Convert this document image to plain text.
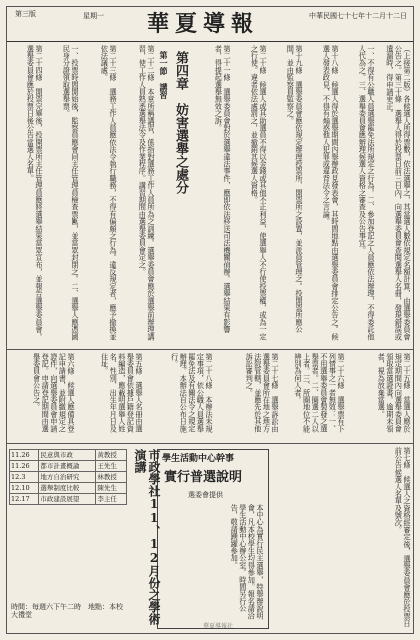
第三版	星期一 華夏導報	中華民國七十七年十二月十二日
（上接第二版）各候選人所得票數，依法選舉之，其當選人數依規定名額計算，由選舉委員會公告之。第三十條　選舉人得於投票日前三日內，向選舉委員會查閱選舉人名冊，發現錯誤或遺漏時，得申請更正。
一、不得有公職人員選舉罷免法所規定之行為。二、參加登記之人員應依法辦理，不得委託他人代為之。三、選舉委員會應辦理候選人資格之審查及公告事宜。
第十八條　候選人得於選舉期間內舉辦政見發表會，其時間地點由選舉委員會排定公告之。候選人發表政見，不得有煽惑他人犯罪或違背法令之言論。
第十九條　選舉委員會應依規定辦理投票所、開票所之設置，並派員管理之。投開票所應公開，並由監察員監察之。
第二十條　候選人或其助選員不得以金錢或其他不正利益，使選舉人不行使投票權，或為一定之行使。違者依法處罰之，並撤銷其候選人資格。
第二十一條　選舉委員會對於選舉違法事件，應即依法移送司法機關偵辦。選舉結果有影響者，得提起選舉無效之訴。
第四章　妨害選舉之處分
第一節　講習
第二十二條　本章所稱講習，係指對選務工作人員所為之訓練。選舉委員會應於選舉前辦理講習，使工作人員熟悉選舉法令及作業程序。講習期間由選舉委員會定之。
第二十三條　選務工作人員應依法令執行職務，不得有偏頗之行為。違反規定者，應予撤換並依法議處。
一、投票時間開始後，監察員應會同主任管理員檢查票匭，並當眾封閉之。二、選舉人應憑國民身分證領取選舉票。
第二十四條　開票完畢後，投開票所主任管理員應將選舉結果當眾宣布，並報告選舉委員會。選舉委員會應於投票日後公告當選人名單。
第二十五條　當選人應於規定期間內向選舉委員會領取當選證書。逾期未領者，視為放棄當選。
第二十六條　選舉票有下列情事之一者無效：一、不用選舉委員會製發之選舉票者。二、圈選二人以上者。三、所圈地位不能辨別為何人者。
第二十七條　選舉訴訟由選舉委員會所在地之地方法院管轄，並應先於其他訴訟審判之。
第二十八條　本辦法未規定事項，依公職人員選舉罷免法及有關法令之規定辦理。本辦法自公布日施行。
第五條　選舉人名冊由選舉委員會依據戶籍登記資料編造，應載明選舉人姓名、性別、出生年月日及住址。
第六條　候選人應備具登記申請書，並附繳規定之證件，向選舉委員會申請登記。申請登記期間由選舉委員會公告之。
第七條　候選人之資格經審定後，選舉委員會應於投票日前公告候選人名單及號次。
學生活動中心幹事
實行普選說明
選委會提供
本中心為實行民主選舉，特舉辦說明會，凡本校學生均得參加。報名請洽學生活動中心辦公室。時間另行公告，敬請踴躍參加。
市政學社11、12月份之學術演講
11.26	民意與市政	黃教授
11.26	都市計畫概論	王先生
12.3	地方自治研究	林教授
12.10	選舉制度比較	陳先生
12.17	市政建設展望	李主任
時間：每週六下午二時　地點：本校大禮堂
華夏導報社
